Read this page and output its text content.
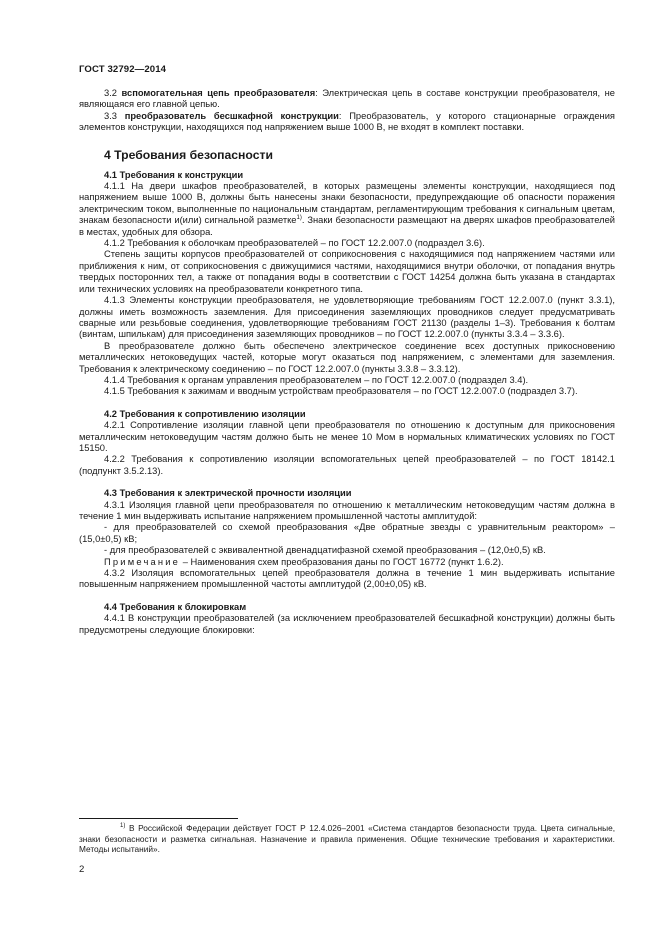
ГОСТ 32792—2014

3.2 вспомогательная цепь преобразователя: Электрическая цепь в составе конструкции преобразователя, не являющаяся его главной цепью.

3.3 преобразователь бесшкафной конструкции: Преобразователь, у которого стационарные ограждения элементов конструкции, находящихся под напряжением выше 1000 В, не входят в комплект поставки.

4 Требования безопасности
4.1 Требования к конструкции

4.1.1 На двери шкафов преобразователей, в которых размещены элементы конструкции, находящиеся под напряжением выше 1000 В, должны быть нанесены знаки безопасности, предупреждающие об опасности поражения электрическим током, выполненные по национальным стандартам, регламентирующим требования к сигнальным цветам, знакам безопасности и(или) сигнальной разметке$^{1)}$. Знаки безопасности размещают на дверях шкафов преобразователей в местах, удобных для обзора.

4.1.2 Требования к оболочкам преобразователей – по ГОСТ 12.2.007.0 (подраздел 3.6).

Степень защиты корпусов преобразователей от соприкосновения с находящимися под напряжением частями или приближения к ним, от соприкосновения с движущимися частями, находящимися внутри оболочки, от попадания внутрь твердых посторонних тел, а также от попадания воды в соответствии с ГОСТ 14254 должна быть указана в стандартах или технических условиях на преобразователи конкретного типа.

4.1.3 Элементы конструкции преобразователя, не удовлетворяющие требованиям ГОСТ 12.2.007.0 (пункт 3.3.1), должны иметь возможность заземления. Для присоединения заземляющих проводников следует предусматривать сварные или резьбовые соединения, удовлетворяющие требованиям ГОСТ 21130 (разделы 1–3). Требования к болтам (винтам, шпилькам) для присоединения заземляющих проводников – по ГОСТ 12.2.007.0 (пункты 3.3.4 – 3.3.6).

В преобразователе должно быть обеспечено электрическое соединение всех доступных прикосновению металлических нетоковедущих частей, которые могут оказаться под напряжением, с элементами для заземления. Требования к электрическому соединению – по ГОСТ 12.2.007.0 (пункты 3.3.8 – 3.3.12).

4.1.4 Требования к органам управления преобразователем – по ГОСТ 12.2.007.0 (подраздел 3.4).

4.1.5 Требования к зажимам и вводным устройствам преобразователя – по ГОСТ 12.2.007.0 (подраздел 3.7).

4.2 Требования к сопротивлению изоляции

4.2.1 Сопротивление изоляции главной цепи преобразователя по отношению к доступным для прикосновения металлическим нетоковедущим частям должно быть не менее 10 Мом в нормальных климатических условиях по ГОСТ 15150.

4.2.2 Требования к сопротивлению изоляции вспомогательных цепей преобразователей – по ГОСТ 18142.1 (подпункт 3.5.2.13).

4.3 Требования к электрической прочности изоляции

4.3.1 Изоляция главной цепи преобразователя по отношению к металлическим нетоковедущим частям должна в течение 1 мин выдерживать испытание напряжением промышленной частоты амплитудой:

- для преобразователей со схемой преобразования «Две обратные звезды с уравнительным реактором» – (15,0±0,5) кВ;

- для преобразователей с эквивалентной двенадцатифазной схемой преобразования – (12,0±0,5) кВ.

Примечание – Наименования схем преобразования даны по ГОСТ 16772 (пункт 1.6.2).

4.3.2 Изоляция вспомогательных цепей преобразователя должна в течение 1 мин выдерживать испытание повышенным напряжением промышленной частоты амплитудой (2,00±0,05) кВ.

4.4 Требования к блокировкам

4.4.1 В конструкции преобразователей (за исключением преобразователей бесшкафной конструкции) должны быть предусмотрены следующие блокировки:

$^{1)}$ В Российской Федерации действует ГОСТ Р 12.4.026–2001 «Система стандартов безопасности труда. Цвета сигнальные, знаки безопасности и разметка сигнальная. Назначение и правила применения. Общие технические требования и характеристики. Методы испытаний».

2
